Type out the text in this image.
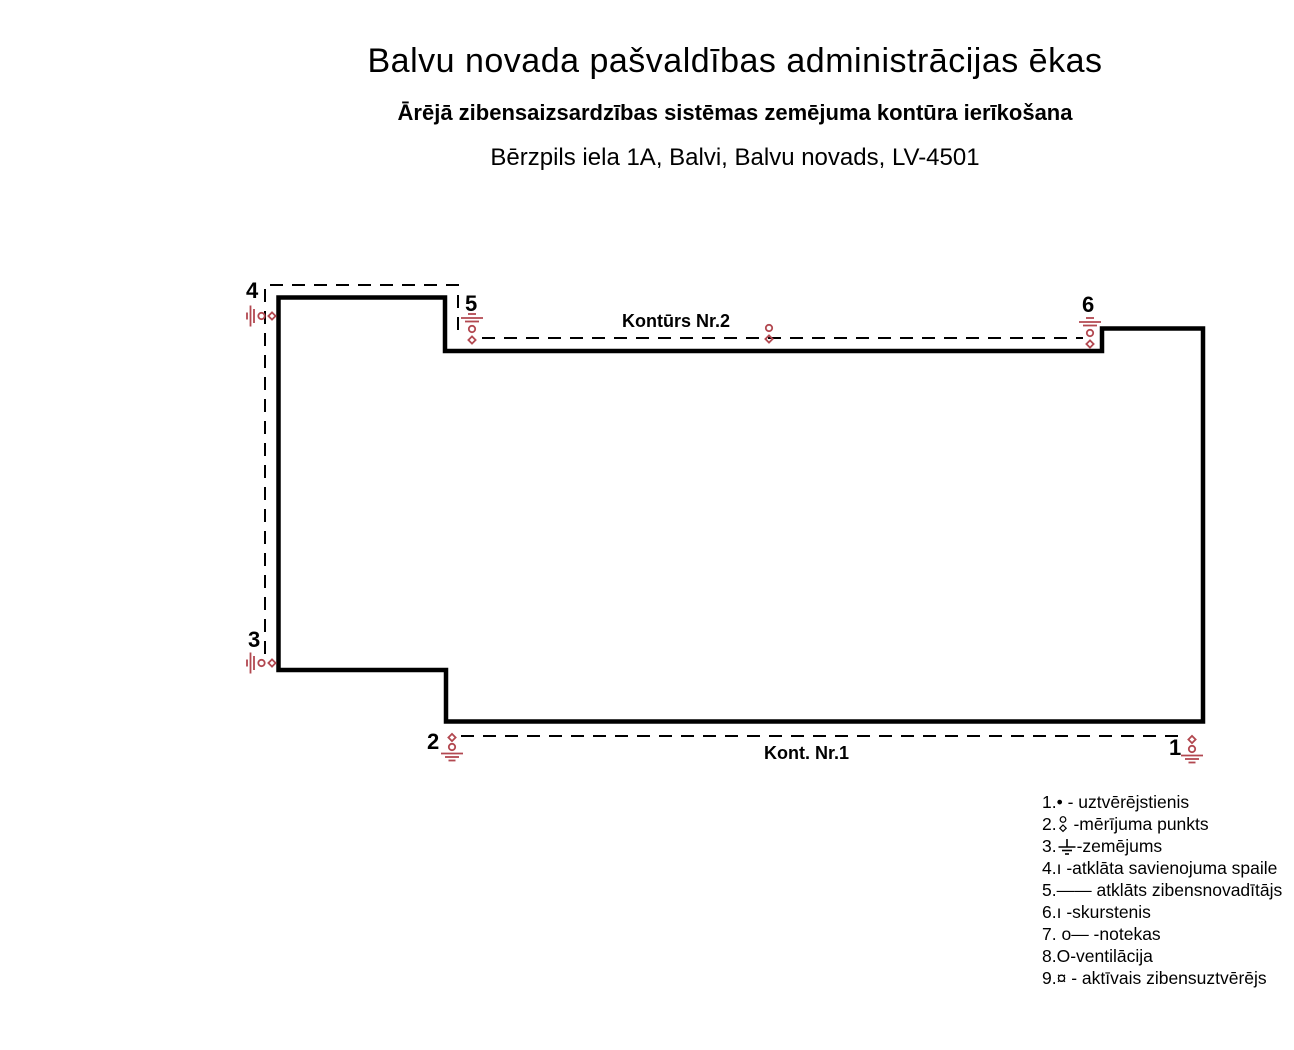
Balvu novada pašvaldības administrācijas ēkas
Ārējā zibensaizsardzības sistēmas zemējuma kontūra ierīkošana
Bērzpils iela 1A, Balvi, Balvu novads, LV-4501
4
5	6
3
2	1
Kontūrs Nr.2
Kont. Nr.1
1.• - uztvērējstienis
2. -mērījuma punkts
3. -zemējums
4.ı -atklāta savienojuma spaile
5.—— atklāts zibensnovadītājs
6.ı -skurstenis
7. o— -notekas
8.O-ventilācija
9.¤ - aktīvais zibensuztvērējs
